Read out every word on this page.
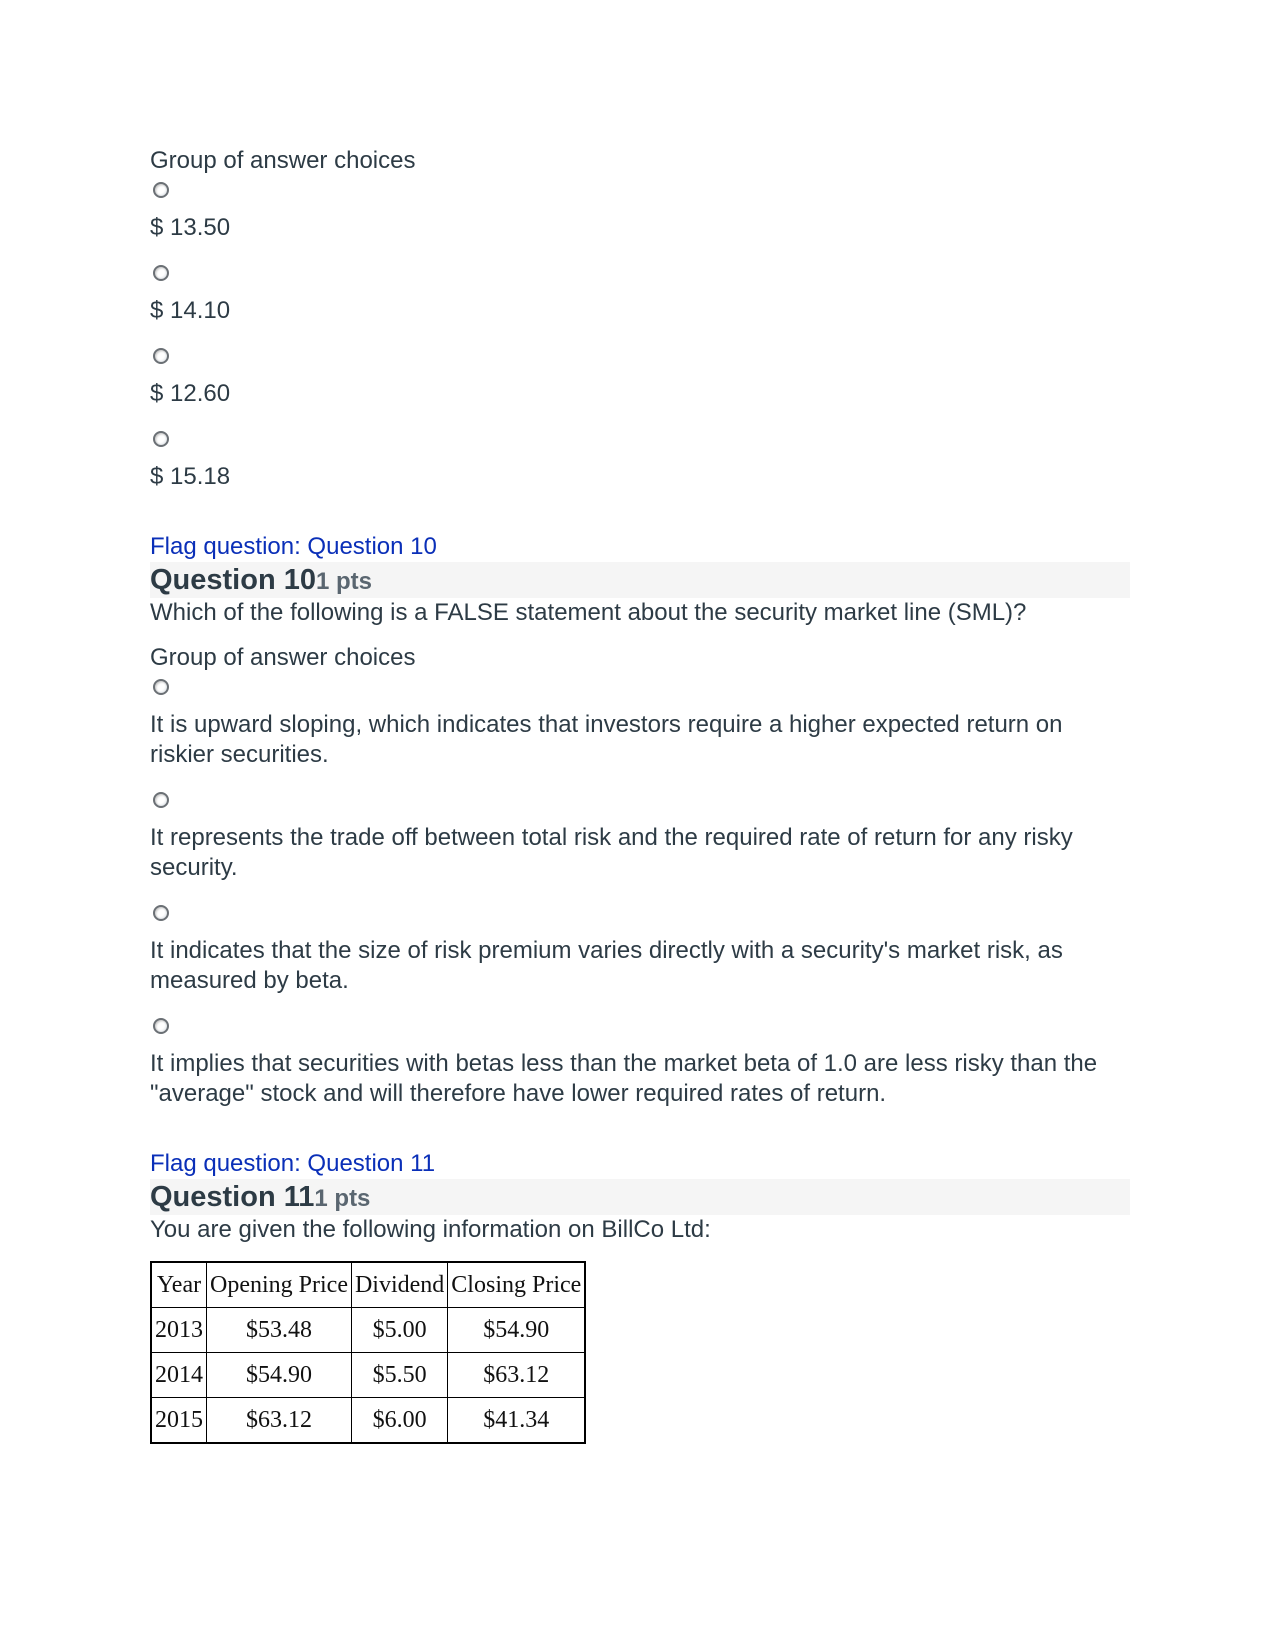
Group of answer choices

$ 13.50

$ 14.10

$ 12.60

$ 15.18

Flag question: Question 10
Question 101 pts

Which of the following is a FALSE statement about the security market line (SML)?

Group of answer choices

It is upward sloping, which indicates that investors require a higher expected return on riskier securities.

It represents the trade off between total risk and the required rate of return for any risky security.

It indicates that the size of risk premium varies directly with a security's market risk, as measured by beta.

It implies that securities with betas less than the market beta of 1.0 are less risky than the "average" stock and will therefore have lower required rates of return.

Flag question: Question 11
Question 111 pts

You are given the following information on BillCo Ltd:

Year	Opening Price	Dividend	Closing Price
2013	$53.48	$5.00	$54.90
2014	$54.90	$5.50	$63.12
2015	$63.12	$6.00	$41.34
